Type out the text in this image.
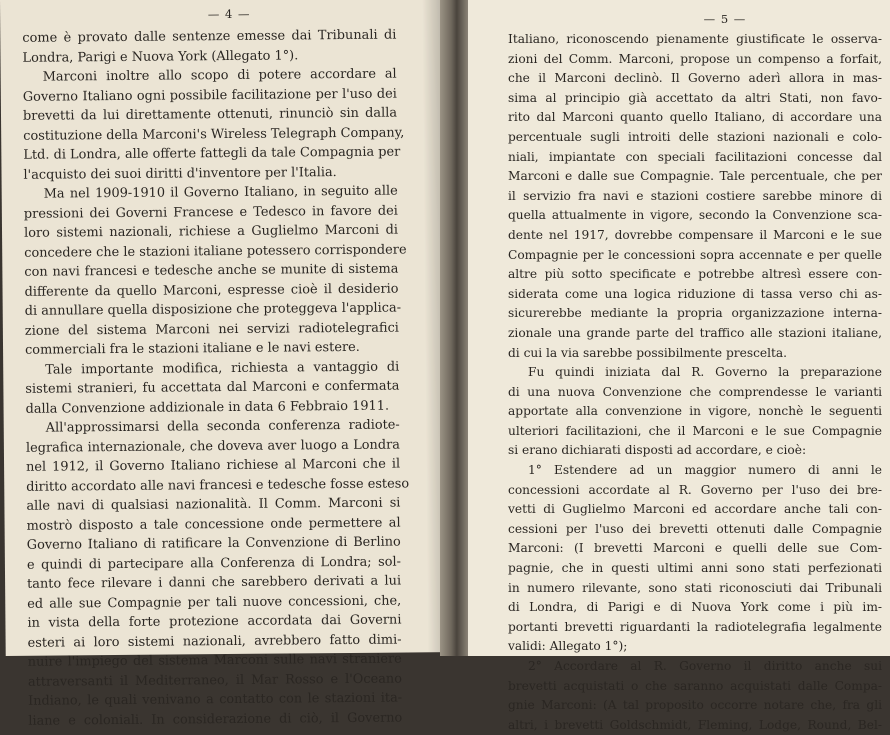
— 4 —
come è provato dalle sentenze emesse dai Tribunali di
Londra, Parigi e Nuova York (Allegato 1°).
Marconi inoltre allo scopo di potere accordare al
Governo Italiano ogni possibile facilitazione per l'uso dei
brevetti da lui direttamente ottenuti, rinunciò sin dalla
costituzione della Marconi's Wireless Telegraph Company,
Ltd. di Londra, alle offerte fattegli da tale Compagnia per
l'acquisto dei suoi diritti d'inventore per l'Italia.
Ma nel 1909-1910 il Governo Italiano, in seguito alle
pressioni dei Governi Francese e Tedesco in favore dei
loro sistemi nazionali, richiese a Guglielmo Marconi di
concedere che le stazioni italiane potessero corrispondere
con navi francesi e tedesche anche se munite di sistema
differente da quello Marconi, espresse cioè il desiderio
di annullare quella disposizione che proteggeva l'applica-
zione del sistema Marconi nei servizi radiotelegrafici
commerciali fra le stazioni italiane e le navi estere.
Tale importante modifica, richiesta a vantaggio di
sistemi stranieri, fu accettata dal Marconi e confermata
dalla Convenzione addizionale in data 6 Febbraio 1911.
All'approssimarsi della seconda conferenza radiote-
legrafica internazionale, che doveva aver luogo a Londra
nel 1912, il Governo Italiano richiese al Marconi che il
diritto accordato alle navi francesi e tedesche fosse esteso
alle navi di qualsiasi nazionalità. Il Comm. Marconi si
mostrò disposto a tale concessione onde permettere al
Governo Italiano di ratificare la Convenzione di Berlino
e quindi di partecipare alla Conferenza di Londra; sol-
tanto fece rilevare i danni che sarebbero derivati a lui
ed alle sue Compagnie per tali nuove concessioni, che,
in vista della forte protezione accordata dai Governi
esteri ai loro sistemi nazionali, avrebbero fatto dimi-
nuire l'impiego del sistema Marconi sulle navi straniere
attraversanti il Mediterraneo, il Mar Rosso e l'Oceano
Indiano, le quali venivano a contatto con le stazioni ita-
liane e coloniali. In considerazione di ciò, il Governo
— 5 —
Italiano, riconoscendo pienamente giustificate le osserva-
zioni del Comm. Marconi, propose un compenso a forfait,
che il Marconi declinò. Il Governo aderì allora in mas-
sima al principio già accettato da altri Stati, non favo-
rito dal Marconi quanto quello Italiano, di accordare una
percentuale sugli introiti delle stazioni nazionali e colo-
niali, impiantate con speciali facilitazioni concesse dal
Marconi e dalle sue Compagnie. Tale percentuale, che per
il servizio fra navi e stazioni costiere sarebbe minore di
quella attualmente in vigore, secondo la Convenzione sca-
dente nel 1917, dovrebbe compensare il Marconi e le sue
Compagnie per le concessioni sopra accennate e per quelle
altre più sotto specificate e potrebbe altresì essere con-
siderata come una logica riduzione di tassa verso chi as-
sicurerebbe mediante la propria organizzazione interna-
zionale una grande parte del traffico alle stazioni italiane,
di cui la via sarebbe possibilmente prescelta.
Fu quindi iniziata dal R. Governo la preparazione
di una nuova Convenzione che comprendesse le varianti
apportate alla convenzione in vigore, nonchè le seguenti
ulteriori facilitazioni, che il Marconi e le sue Compagnie
si erano dichiarati disposti ad accordare, e cioè:
1° Estendere ad un maggior numero di anni le
concessioni accordate al R. Governo per l'uso dei bre-
vetti di Guglielmo Marconi ed accordare anche tali con-
cessioni per l'uso dei brevetti ottenuti dalle Compagnie
Marconi: (I brevetti Marconi e quelli delle sue Com-
pagnie, che in questi ultimi anni sono stati perfezionati
in numero rilevante, sono stati riconosciuti dai Tribunali
di Londra, di Parigi e di Nuova York come i più im-
portanti brevetti riguardanti la radiotelegrafia legalmente
validi: Allegato 1°);
2° Accordare al R. Governo il diritto anche sui
brevetti acquistati o che saranno acquistati dalle Compa-
gnie Marconi: (A tal proposito occorre notare che, fra gli
altri, i brevetti Goldschmidt, Fleming, Lodge, Round, Bel-
